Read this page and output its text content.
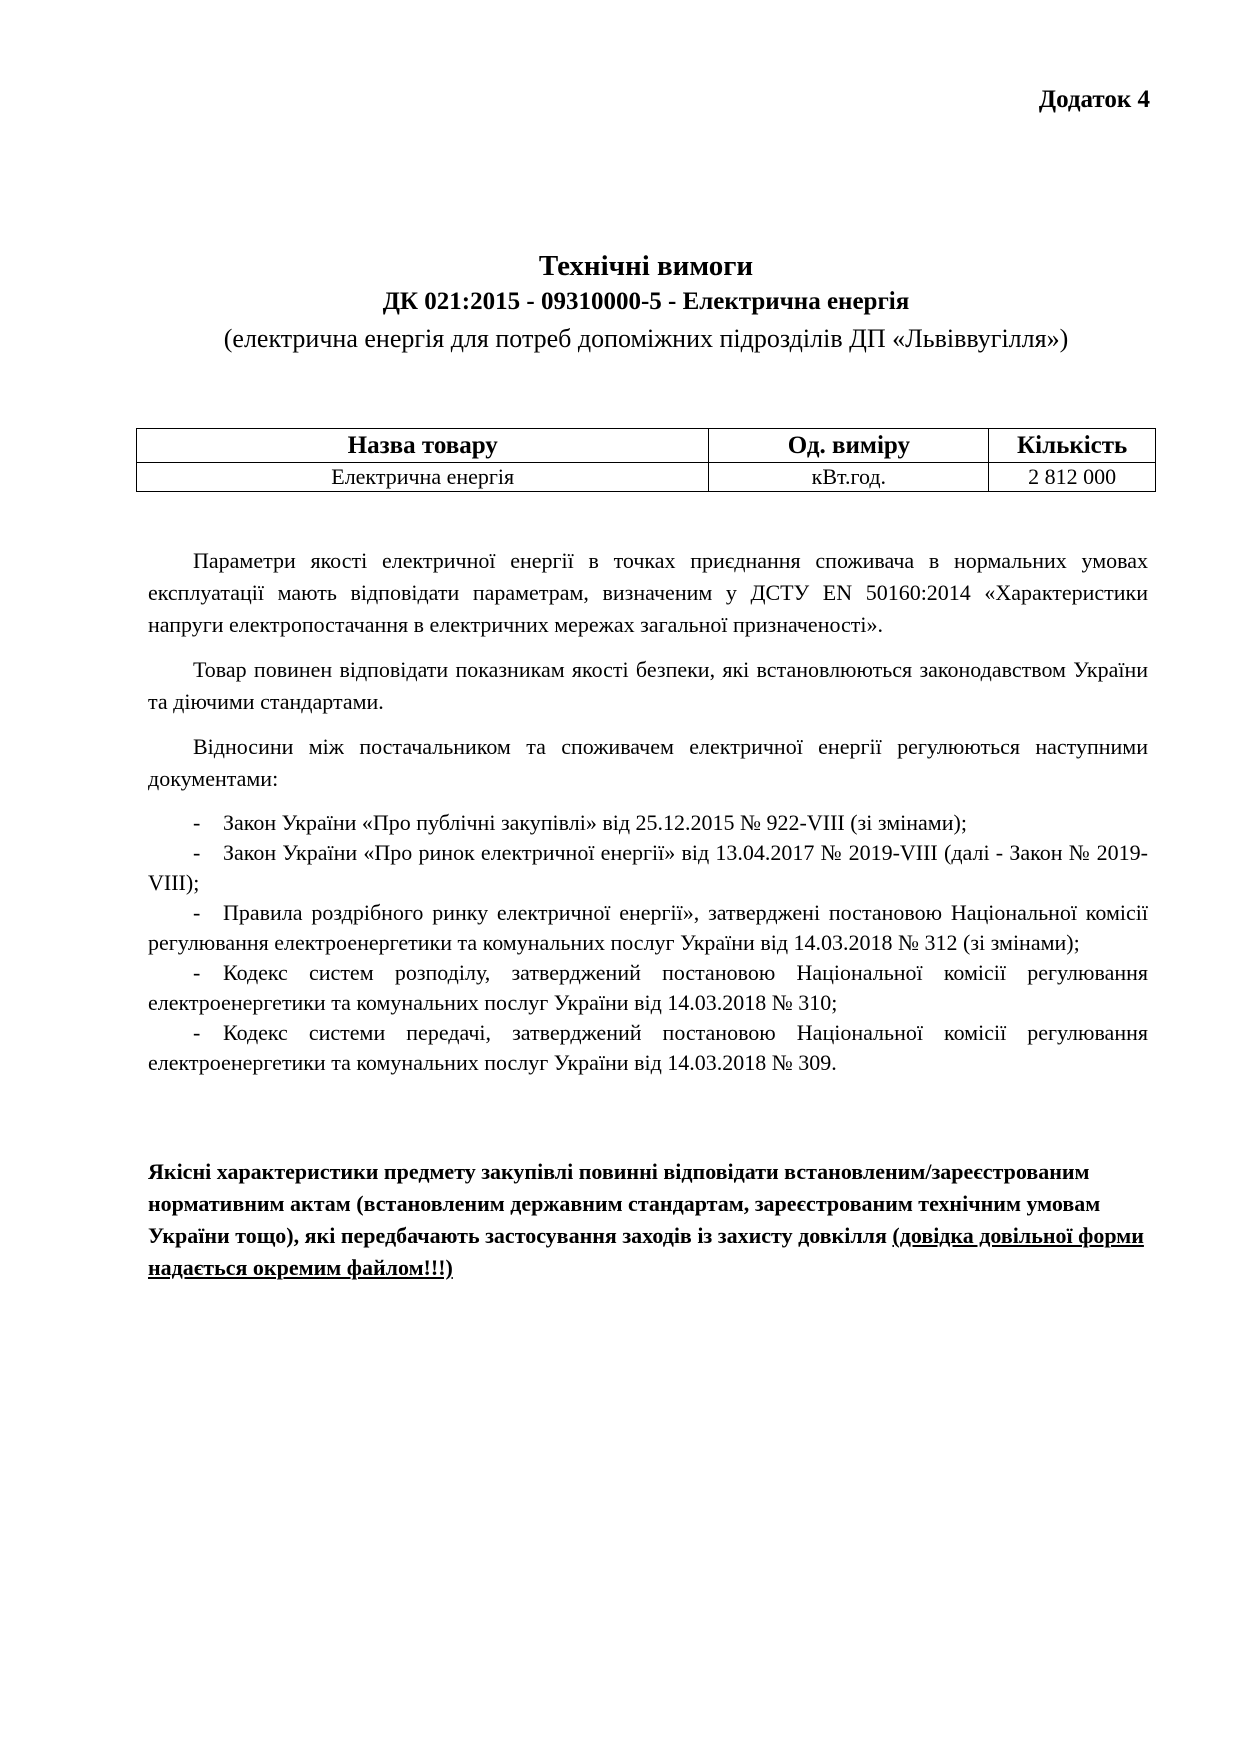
Додаток 4
Технічні вимоги
ДК 021:2015 - 09310000-5 - Електрична енергія
(електрична енергія для потреб допоміжних підрозділів ДП «Львіввугілля»)
Назва товару	Од. виміру	Кількість
Електрична енергія	кВт.год.	2 812 000

Параметри якості електричної енергії в точках приєднання споживача в нормальних умовах експлуатації мають відповідати параметрам, визначеним у ДСТУ EN 50160:2014 «Характеристики напруги електропостачання в електричних мережах загальної призначеності».

Товар повинен відповідати показникам якості безпеки, які встановлюються законодавством України та діючими стандартами.

Відносини між постачальником та споживачем електричної енергії регулюються наступними документами:

- Закон України «Про публічні закупівлі» від 25.12.2015 № 922-VIII (зі змінами);
- Закон України «Про ринок електричної енергії» від 13.04.2017 № 2019-VIII (далі - Закон № 2019-VIII);
- Правила роздрібного ринку електричної енергії», затверджені постановою Національної комісії регулювання електроенергетики та комунальних послуг України від 14.03.2018 № 312 (зі змінами);
- Кодекс систем розподілу, затверджений постановою Національної комісії регулювання електроенергетики та комунальних послуг України від 14.03.2018 № 310;
- Кодекс системи передачі, затверджений постановою Національної комісії регулювання електроенергетики та комунальних послуг України від 14.03.2018 № 309.
Якісні характеристики предмету закупівлі повинні відповідати встановленим/зареєстрованим нормативним актам (встановленим державним стандартам, зареєстрованим технічним умовам України тощо), які передбачають застосування заходів із захисту довкілля (довідка довільної форми надається окремим файлом!!!)
